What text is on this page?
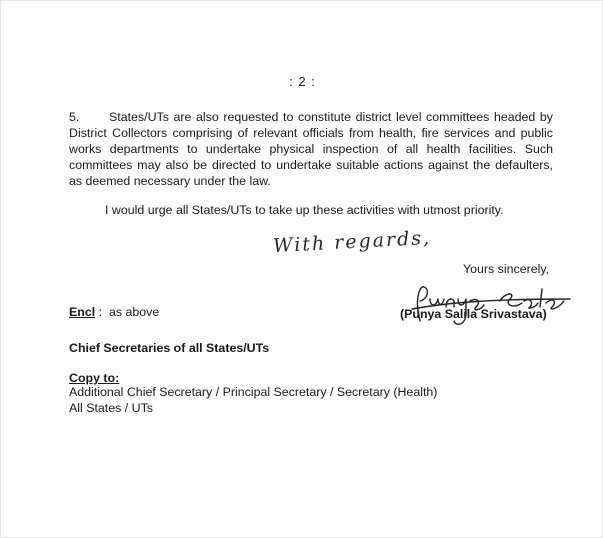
: 2 :
5. States/UTs are also requested to constitute district level committees headed by District Collectors comprising of relevant officials from health, fire services and public works departments to undertake physical inspection of all health facilities. Such committees may also be directed to undertake suitable actions against the defaulters, as deemed necessary under the law.
I would urge all States/UTs to take up these activities with utmost priority.
With regards,
Yours sincerely,
Encl :  as above	(Punya Salila Srivastava)
Chief Secretaries of all States/UTs
Copy to:
Additional Chief Secretary / Principal Secretary / Secretary (Health)
All States / UTs
